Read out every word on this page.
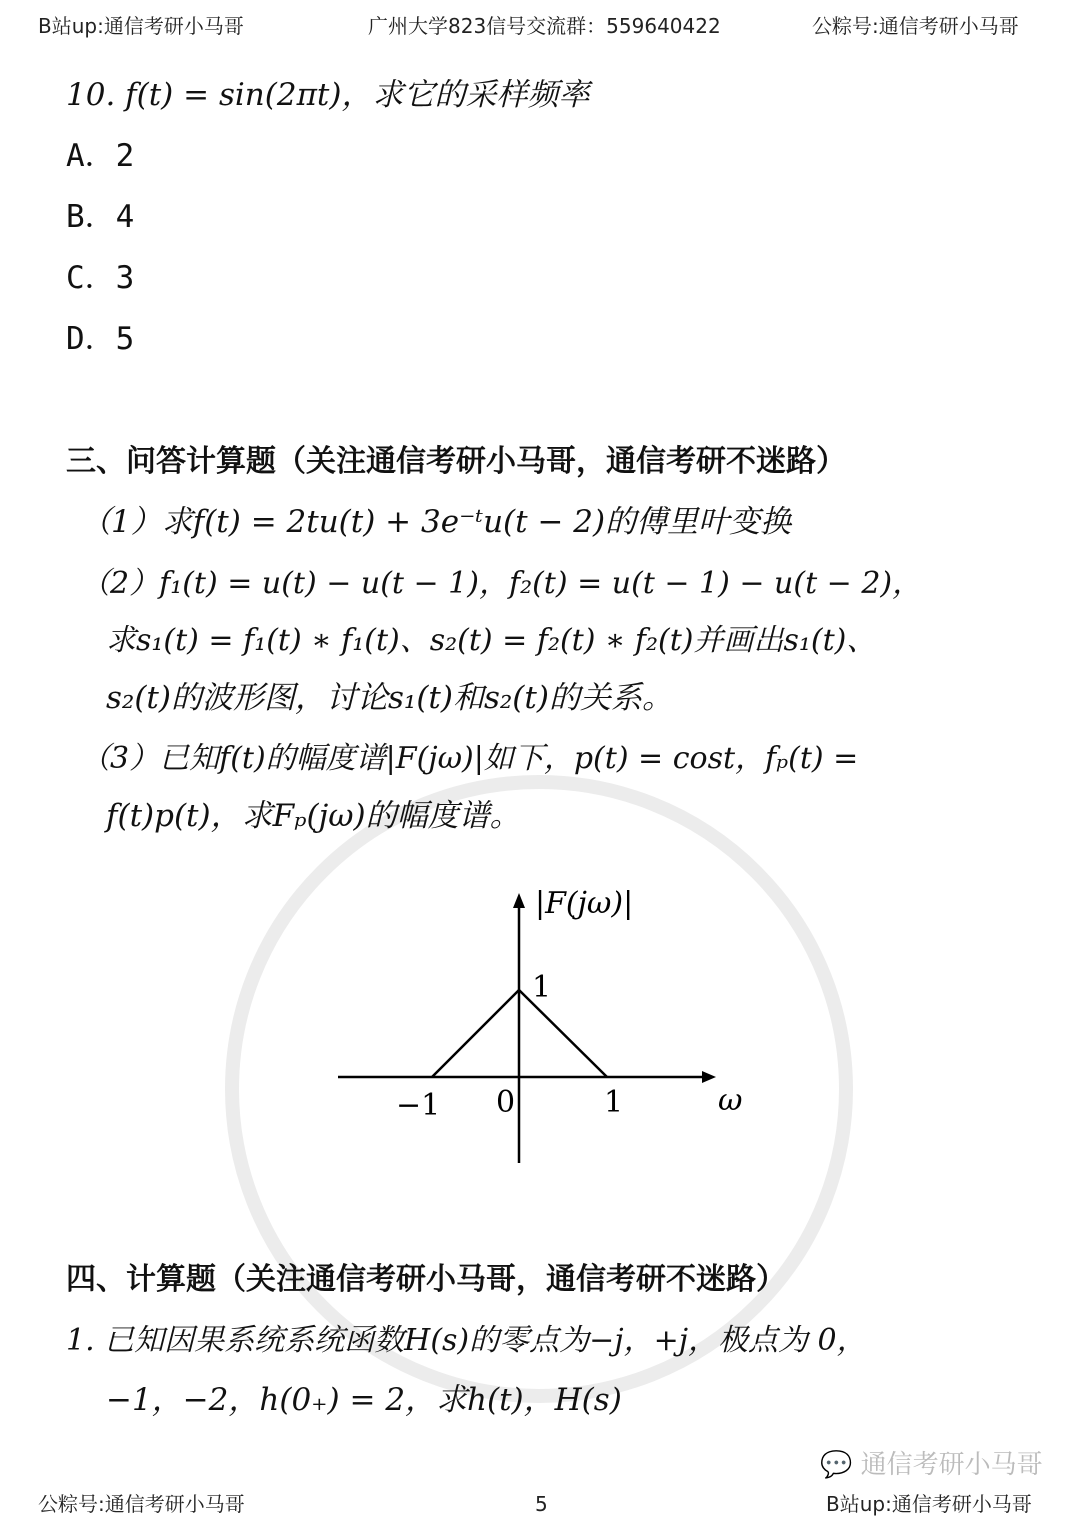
B站up:通信考研小马哥	广州大学823信号交流群：559640422	公粽号:通信考研小马哥
10. f(t) = sin(2πt)，求它的采样频率
A．2
B．4
C．3
D．5
三、问答计算题（关注通信考研小马哥，通信考研不迷路）
（1）求f(t) = 2tu(t) + 3e⁻ᵗu(t − 2)的傅里叶变换
（2）f₁(t) = u(t) − u(t − 1)，f₂(t) = u(t − 1) − u(t − 2)，
求s₁(t) = f₁(t) ∗ f₁(t)、s₂(t) = f₂(t) ∗ f₂(t)并画出s₁(t)、
s₂(t)的波形图，讨论s₁(t)和s₂(t)的关系。
（3）已知f(t)的幅度谱|F(jω)|如下，p(t) = cost，fₚ(t) =
f(t)p(t)，求Fₚ(jω)的幅度谱。
|F(jω)|
1
−1 0	1	ω
四、计算题（关注通信考研小马哥，通信考研不迷路）
1. 已知因果系统系统函数H(s)的零点为−j，+j，极点为 0，
−1，−2，h(0₊) = 2，求h(t)，H(s)
💬 通信考研小马哥
公粽号:通信考研小马哥	5	B站up:通信考研小马哥
